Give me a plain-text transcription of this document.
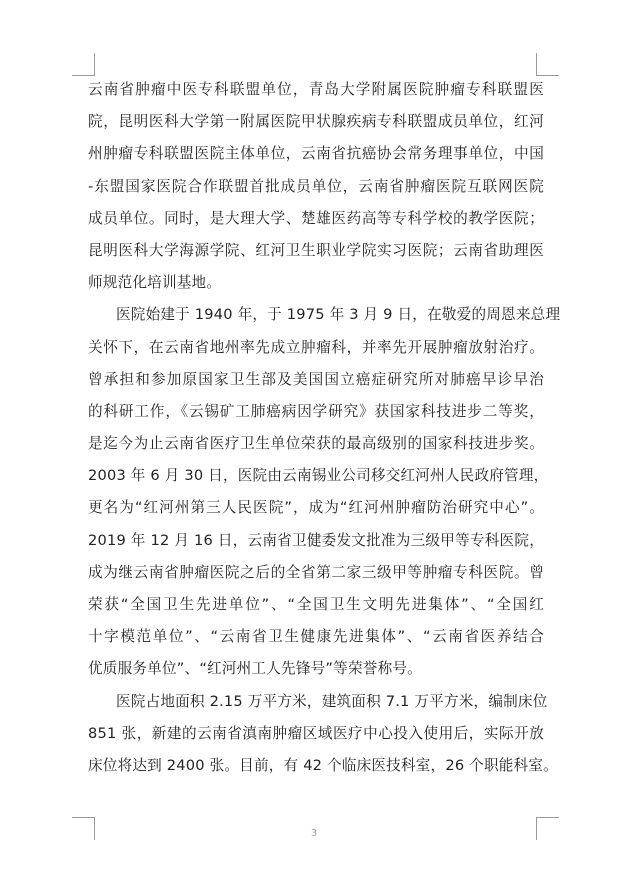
云南省肿瘤中医专科联盟单位，青岛大学附属医院肿瘤专科联盟医
院，昆明医科大学第一附属医院甲状腺疾病专科联盟成员单位，红河
州肿瘤专科联盟医院主体单位，云南省抗癌协会常务理事单位，中国
-东盟国家医院合作联盟首批成员单位，云南省肿瘤医院互联网医院
成员单位。同时，是大理大学、楚雄医药高等专科学校的教学医院；
昆明医科大学海源学院、红河卫生职业学院实习医院；云南省助理医
师规范化培训基地。
医院始建于 1940 年，于 1975 年 3 月 9 日，在敬爱的周恩来总理
关怀下，在云南省地州率先成立肿瘤科，并率先开展肿瘤放射治疗。
曾承担和参加原国家卫生部及美国国立癌症研究所对肺癌早诊早治
的科研工作，《云锡矿工肺癌病因学研究》获国家科技进步二等奖，
是迄今为止云南省医疗卫生单位荣获的最高级别的国家科技进步奖。
2003 年 6 月 30 日，医院由云南锡业公司移交红河州人民政府管理，
更名为“红河州第三人民医院”，成为“红河州肿瘤防治研究中心”。
2019 年 12 月 16 日，云南省卫健委发文批准为三级甲等专科医院，
成为继云南省肿瘤医院之后的全省第二家三级甲等肿瘤专科医院。曾
荣获“全国卫生先进单位”、“全国卫生文明先进集体”、“全国红
十字模范单位”、“云南省卫生健康先进集体”、“云南省医养结合
优质服务单位”、“红河州工人先锋号”等荣誉称号。
医院占地面积 2.15 万平方米，建筑面积 7.1 万平方米，编制床位
851 张，新建的云南省滇南肿瘤区域医疗中心投入使用后，实际开放
床位将达到 2400 张。目前，有 42 个临床医技科室，26 个职能科室。
3
